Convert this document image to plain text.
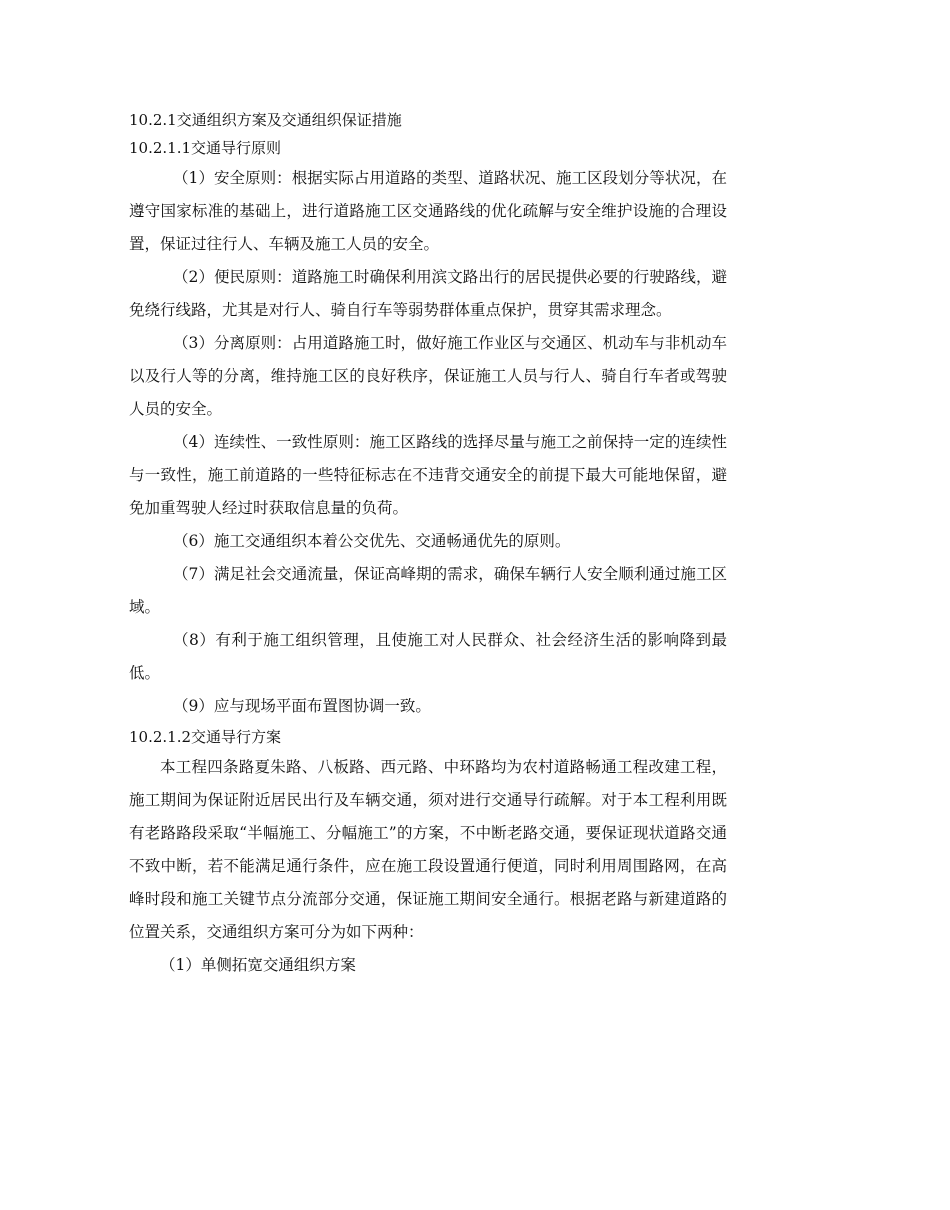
10.2.1交通组织方案及交通组织保证措施

10.2.1.1交通导行原则

（1）安全原则：根据实际占用道路的类型、道路状况、施工区段划分等状况，在遵守国家标准的基础上，进行道路施工区交通路线的优化疏解与安全维护设施的合理设置，保证过往行人、车辆及施工人员的安全。

（2）便民原则：道路施工时确保利用滨文路出行的居民提供必要的行驶路线，避免绕行线路，尤其是对行人、骑自行车等弱势群体重点保护，贯穿其需求理念。

（3）分离原则：占用道路施工时，做好施工作业区与交通区、机动车与非机动车以及行人等的分离，维持施工区的良好秩序，保证施工人员与行人、骑自行车者或驾驶人员的安全。

（4）连续性、一致性原则：施工区路线的选择尽量与施工之前保持一定的连续性与一致性，施工前道路的一些特征标志在不违背交通安全的前提下最大可能地保留，避免加重驾驶人经过时获取信息量的负荷。

（6）施工交通组织本着公交优先、交通畅通优先的原则。

（7）满足社会交通流量，保证高峰期的需求，确保车辆行人安全顺利通过施工区域。

（8）有利于施工组织管理，且使施工对人民群众、社会经济生活的影响降到最低。

（9）应与现场平面布置图协调一致。

10.2.1.2交通导行方案

本工程四条路夏朱路、八板路、西元路、中环路均为农村道路畅通工程改建工程，施工期间为保证附近居民出行及车辆交通，须对进行交通导行疏解。对于本工程利用既有老路路段采取“半幅施工、分幅施工”的方案，不中断老路交通，要保证现状道路交通不致中断，若不能满足通行条件，应在施工段设置通行便道，同时利用周围路网，在高峰时段和施工关键节点分流部分交通，保证施工期间安全通行。根据老路与新建道路的位置关系，交通组织方案可分为如下两种：

（1）单侧拓宽交通组织方案
